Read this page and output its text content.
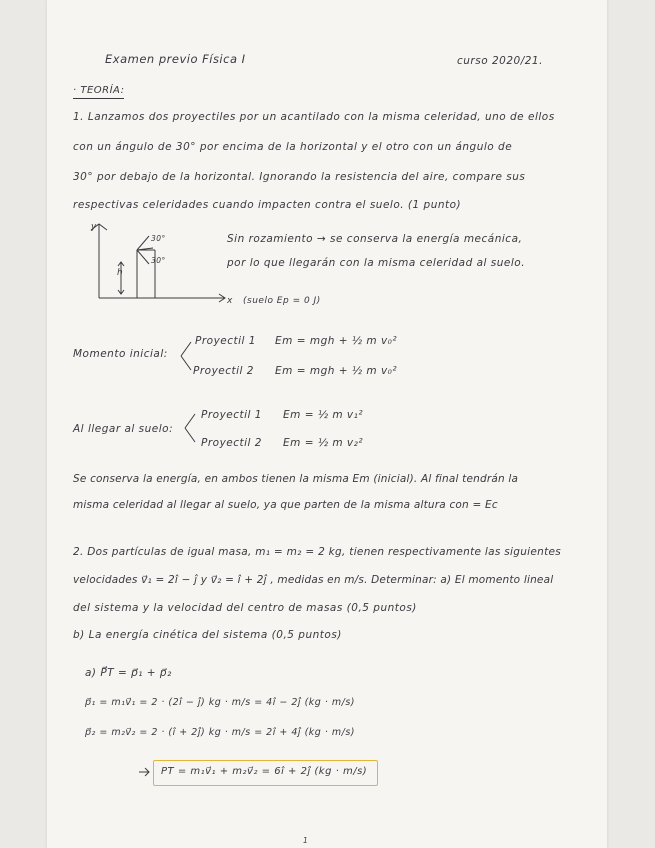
Examen previo Física I	curso 2020/21.
· TEORÍA:
1. Lanzamos dos proyectiles por un acantilado con la misma celeridad, uno de ellos
con un ángulo de 30° por encima de la horizontal y el otro con un ángulo de
30° por debajo de la horizontal. Ignorando la resistencia del aire, compare sus
respectivas celeridades cuando impacten contra el suelo. (1 punto)
y
h
30°
30°
x (suelo Ep = 0 J)
Sin rozamiento → se conserva la energía mecánica,
por lo que llegarán con la misma celeridad al suelo.
Momento inicial:
Proyectil 1 Em = mgh + ½ m v₀²
Proyectil 2 Em = mgh + ½ m v₀²
Al llegar al suelo:
Proyectil 1 Em = ½ m v₁²
Proyectil 2 Em = ½ m v₂²
Se conserva la energía, en ambos tienen la misma Em (inicial). Al final tendrán la
misma celeridad al llegar al suelo, ya que parten de la misma altura con = Ec
2. Dos partículas de igual masa, m₁ = m₂ = 2 kg, tienen respectivamente las siguientes
velocidades v⃗₁ = 2î − ĵ y v⃗₂ = î + 2ĵ , medidas en m/s. Determinar: a) El momento lineal
del sistema y la velocidad del centro de masas (0,5 puntos)
b) La energía cinética del sistema (0,5 puntos)
a) P⃗T = p⃗₁ + p⃗₂
p⃗₁ = m₁v⃗₁ = 2 · (2î − ĵ) kg · m/s = 4î − 2ĵ (kg · m/s)
p⃗₂ = m₂v⃗₂ = 2 · (î + 2ĵ) kg · m/s = 2î + 4ĵ (kg · m/s)
PT = m₁v⃗₁ + m₂v⃗₂ = 6î + 2ĵ (kg · m/s)
1
